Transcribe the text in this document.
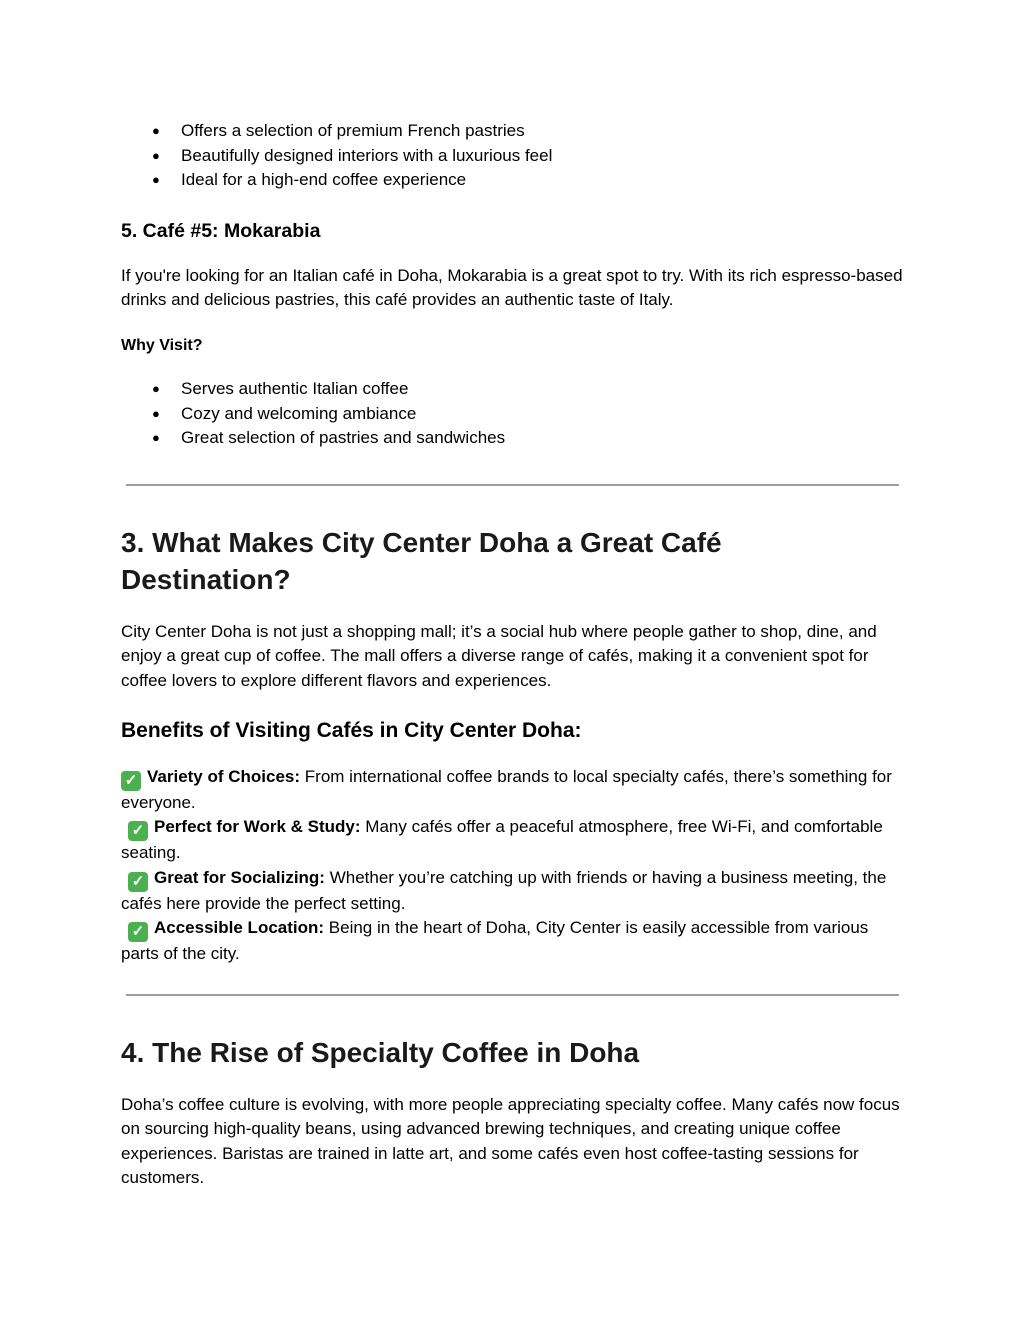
● Offers a selection of premium French pastries
● Beautifully designed interiors with a luxurious feel
● Ideal for a high-end coffee experience
5. Café #5: Mokarabia

If you're looking for an Italian café in Doha, Mokarabia is a great spot to try. With its rich espresso-based drinks and delicious pastries, this café provides an authentic taste of Italy.

Why Visit?
● Serves authentic Italian coffee
● Cozy and welcoming ambiance
● Great selection of pastries and sandwiches
3. What Makes City Center Doha a Great Café Destination?

City Center Doha is not just a shopping mall; it’s a social hub where people gather to shop, dine, and enjoy a great cup of coffee. The mall offers a diverse range of cafés, making it a convenient spot for coffee lovers to explore different flavors and experiences.

Benefits of Visiting Cafés in City Center Doha:
✓ Variety of Choices: From international coffee brands to local specialty cafés, there’s something for everyone.
✓ Perfect for Work & Study: Many cafés offer a peaceful atmosphere, free Wi-Fi, and comfortable seating.
✓ Great for Socializing: Whether you’re catching up with friends or having a business meeting, the cafés here provide the perfect setting.
✓ Accessible Location: Being in the heart of Doha, City Center is easily accessible from various parts of the city.
4. The Rise of Specialty Coffee in Doha

Doha’s coffee culture is evolving, with more people appreciating specialty coffee. Many cafés now focus on sourcing high-quality beans, using advanced brewing techniques, and creating unique coffee experiences. Baristas are trained in latte art, and some cafés even host coffee-tasting sessions for customers.
